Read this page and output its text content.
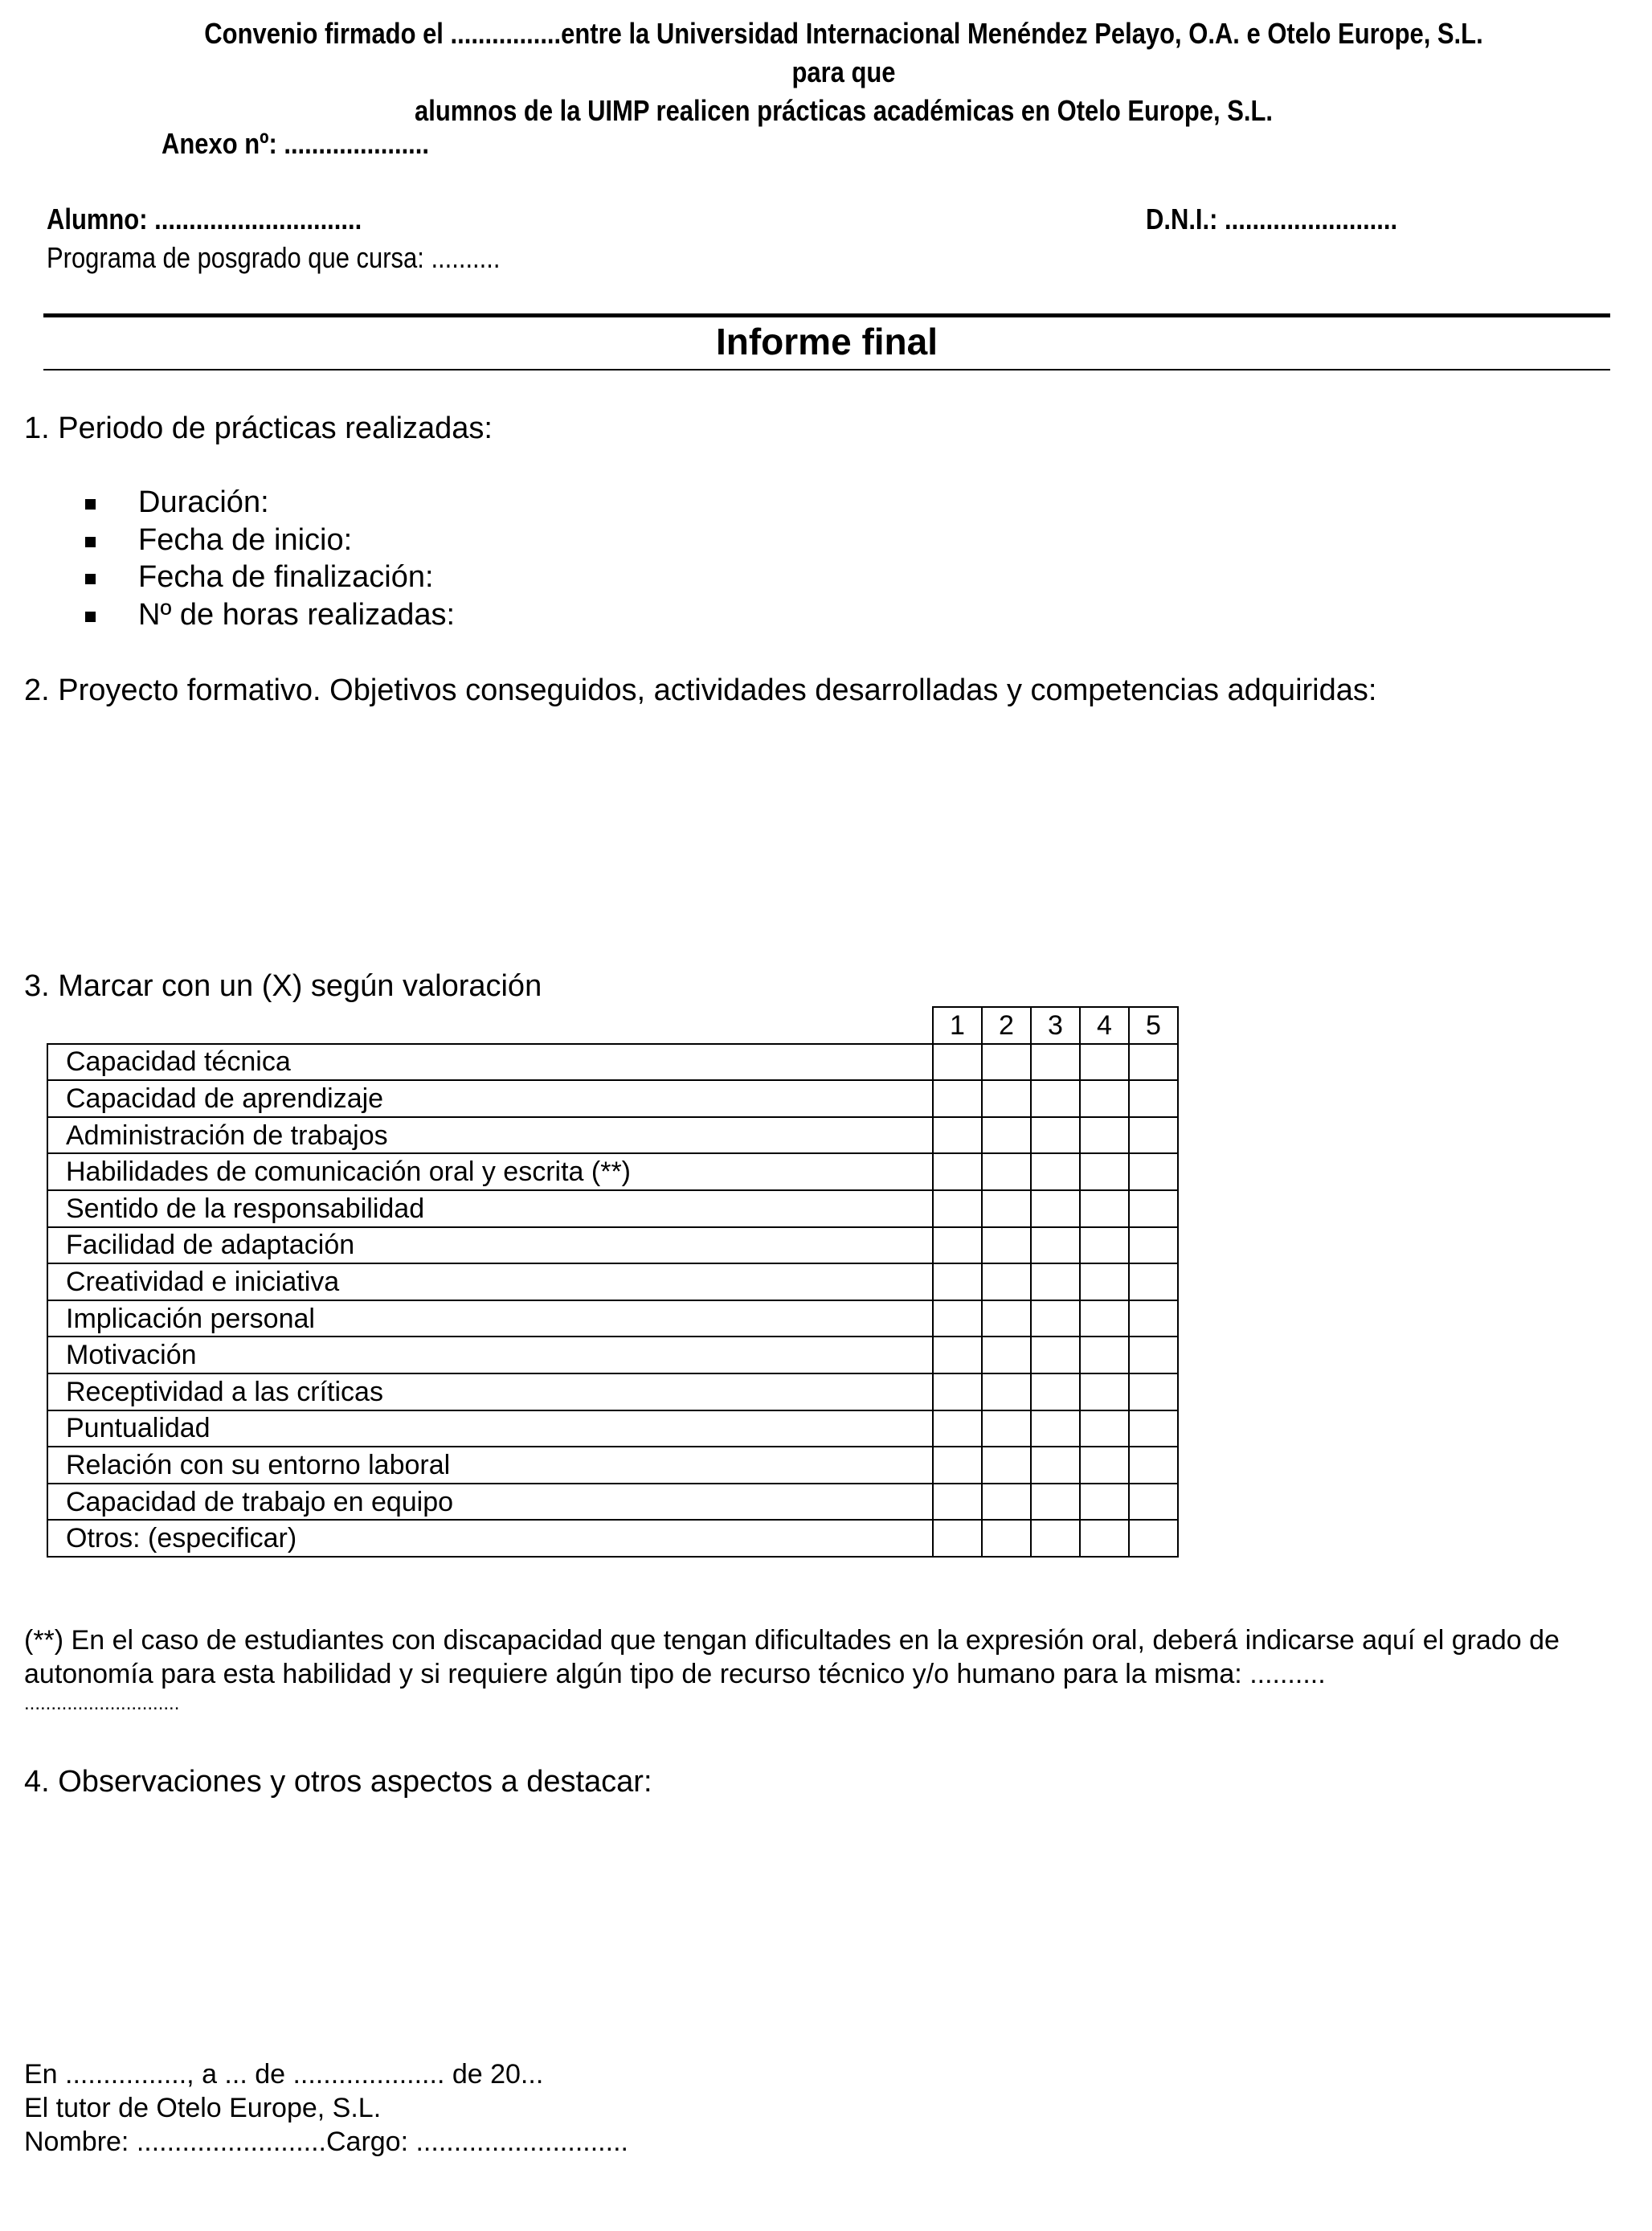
Convenio firmado el ................entre la Universidad Internacional Menéndez Pelayo, O.A. e Otelo Europe, S.L. para que
alumnos de la UIMP realicen prácticas académicas en Otelo Europe, S.L.
Anexo nº: .....................
Alumno: ..............................	D.N.I.: .........................
Programa de posgrado que cursa: ..........
Informe final
1. Periodo de prácticas realizadas:
Duración:
Fecha de inicio:
Fecha de finalización:
Nº de horas realizadas:
2. Proyecto formativo. Objetivos conseguidos, actividades desarrolladas y competencias adquiridas:
3. Marcar con un (X) según valoración
	1	2	3	4	5
Capacidad técnica					
Capacidad de aprendizaje					
Administración de trabajos					
Habilidades de comunicación oral y escrita (**)					
Sentido de la responsabilidad					
Facilidad de adaptación					
Creatividad e iniciativa					
Implicación personal					
Motivación					
Receptividad a las críticas					
Puntualidad					
Relación con su entorno laboral					
Capacidad de trabajo en equipo					
Otros: (especificar)					
(**) En el caso de estudiantes con discapacidad que tengan dificultades en la expresión oral, deberá indicarse aquí el grado de
autonomía para esta habilidad y si requiere algún tipo de recurso técnico y/o humano para la misma: ..........
.............................
4. Observaciones y otros aspectos a destacar:
En ................, a ... de .................... de 20...
El tutor de Otelo Europe, S.L.
Nombre: .........................Cargo: ............................
